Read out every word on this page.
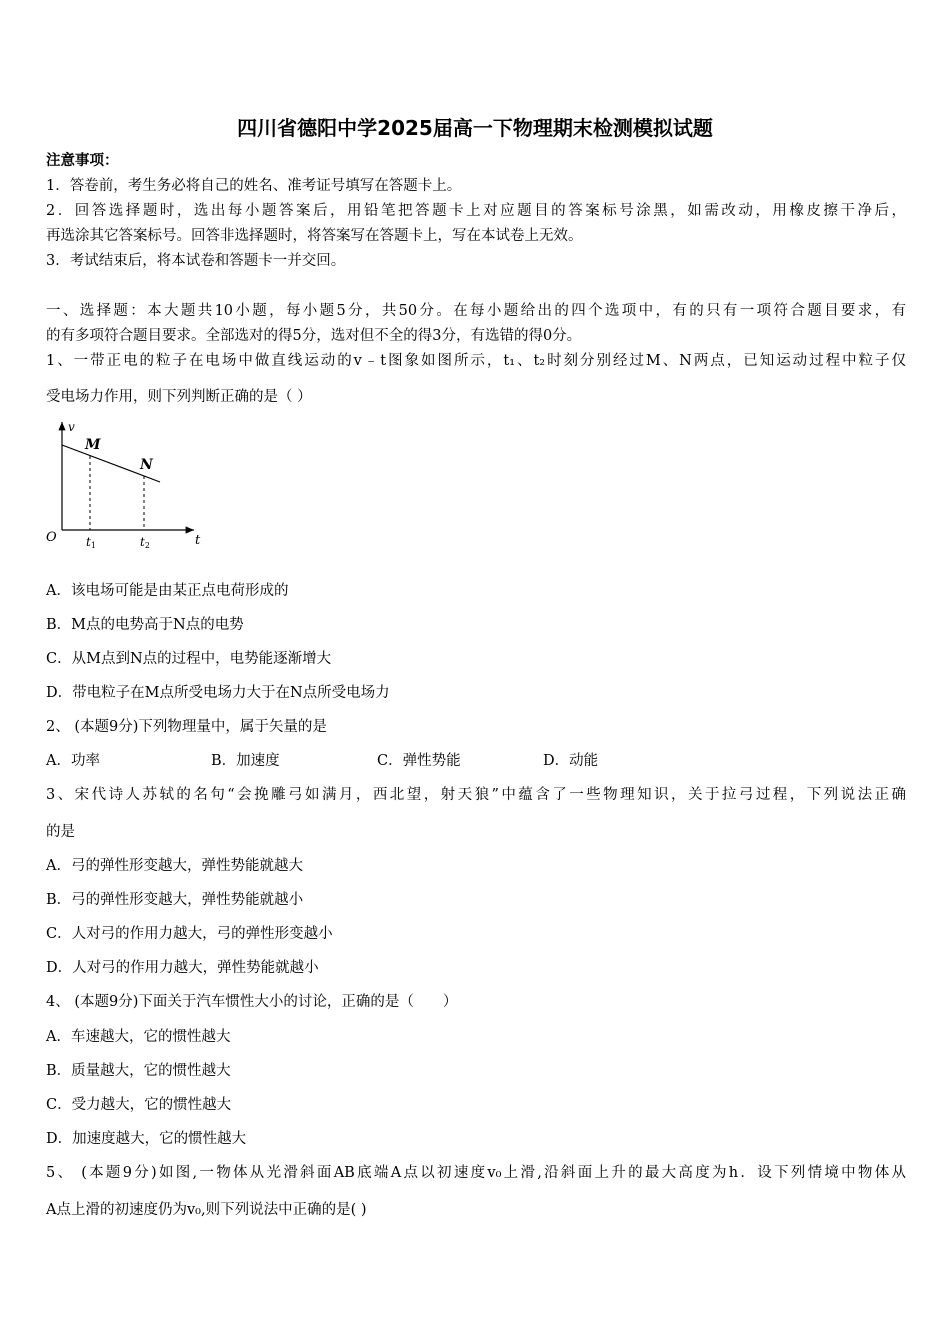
四川省德阳中学2025届高一下物理期末检测模拟试题
注意事项：
1．答卷前，考生务必将自己的姓名、准考证号填写在答题卡上。
2．回答选择题时，选出每小题答案后，用铅笔把答题卡上对应题目的答案标号涂黑，如需改动，用橡皮擦干净后，
再选涂其它答案标号。回答非选择题时，将答案写在答题卡上，写在本试卷上无效。
3．考试结束后，将本试卷和答题卡一并交回。
一、选择题：本大题共10小题，每小题5分，共50分。在每小题给出的四个选项中，有的只有一项符合题目要求，有
的有多项符合题目要求。全部选对的得5分，选对但不全的得3分，有选错的得0分。
1、一带正电的粒子在电场中做直线运动的v﹣t图象如图所示，t₁、t₂时刻分别经过M、N两点，已知运动过程中粒子仅
受电场力作用，则下列判断正确的是（ ）
v
M
N
O	t
t1	t2
A．该电场可能是由某正点电荷形成的
B．M点的电势高于N点的电势
C．从M点到N点的过程中，电势能逐渐增大
D．带电粒子在M点所受电场力大于在N点所受电场力
2、 (本题9分)下列物理量中，属于矢量的是
A．功率	B．加速度	C．弹性势能	D．动能
3、宋代诗人苏轼的名句“会挽雕弓如满月，西北望，射天狼”中蕴含了一些物理知识，关于拉弓过程，下列说法正确
的是
A．弓的弹性形变越大，弹性势能就越大
B．弓的弹性形变越大，弹性势能就越小
C．人对弓的作用力越大，弓的弹性形变越小
D．人对弓的作用力越大，弹性势能就越小
4、 (本题9分)下面关于汽车惯性大小的讨论，正确的是（　　）
A．车速越大，它的惯性越大
B．质量越大，它的惯性越大
C．受力越大，它的惯性越大
D．加速度越大，它的惯性越大
5、 (本题9分)如图,一物体从光滑斜面AB底端A点以初速度v₀上滑,沿斜面上升的最大高度为h．设下列情境中物体从
A点上滑的初速度仍为v₀,则下列说法中正确的是( )
